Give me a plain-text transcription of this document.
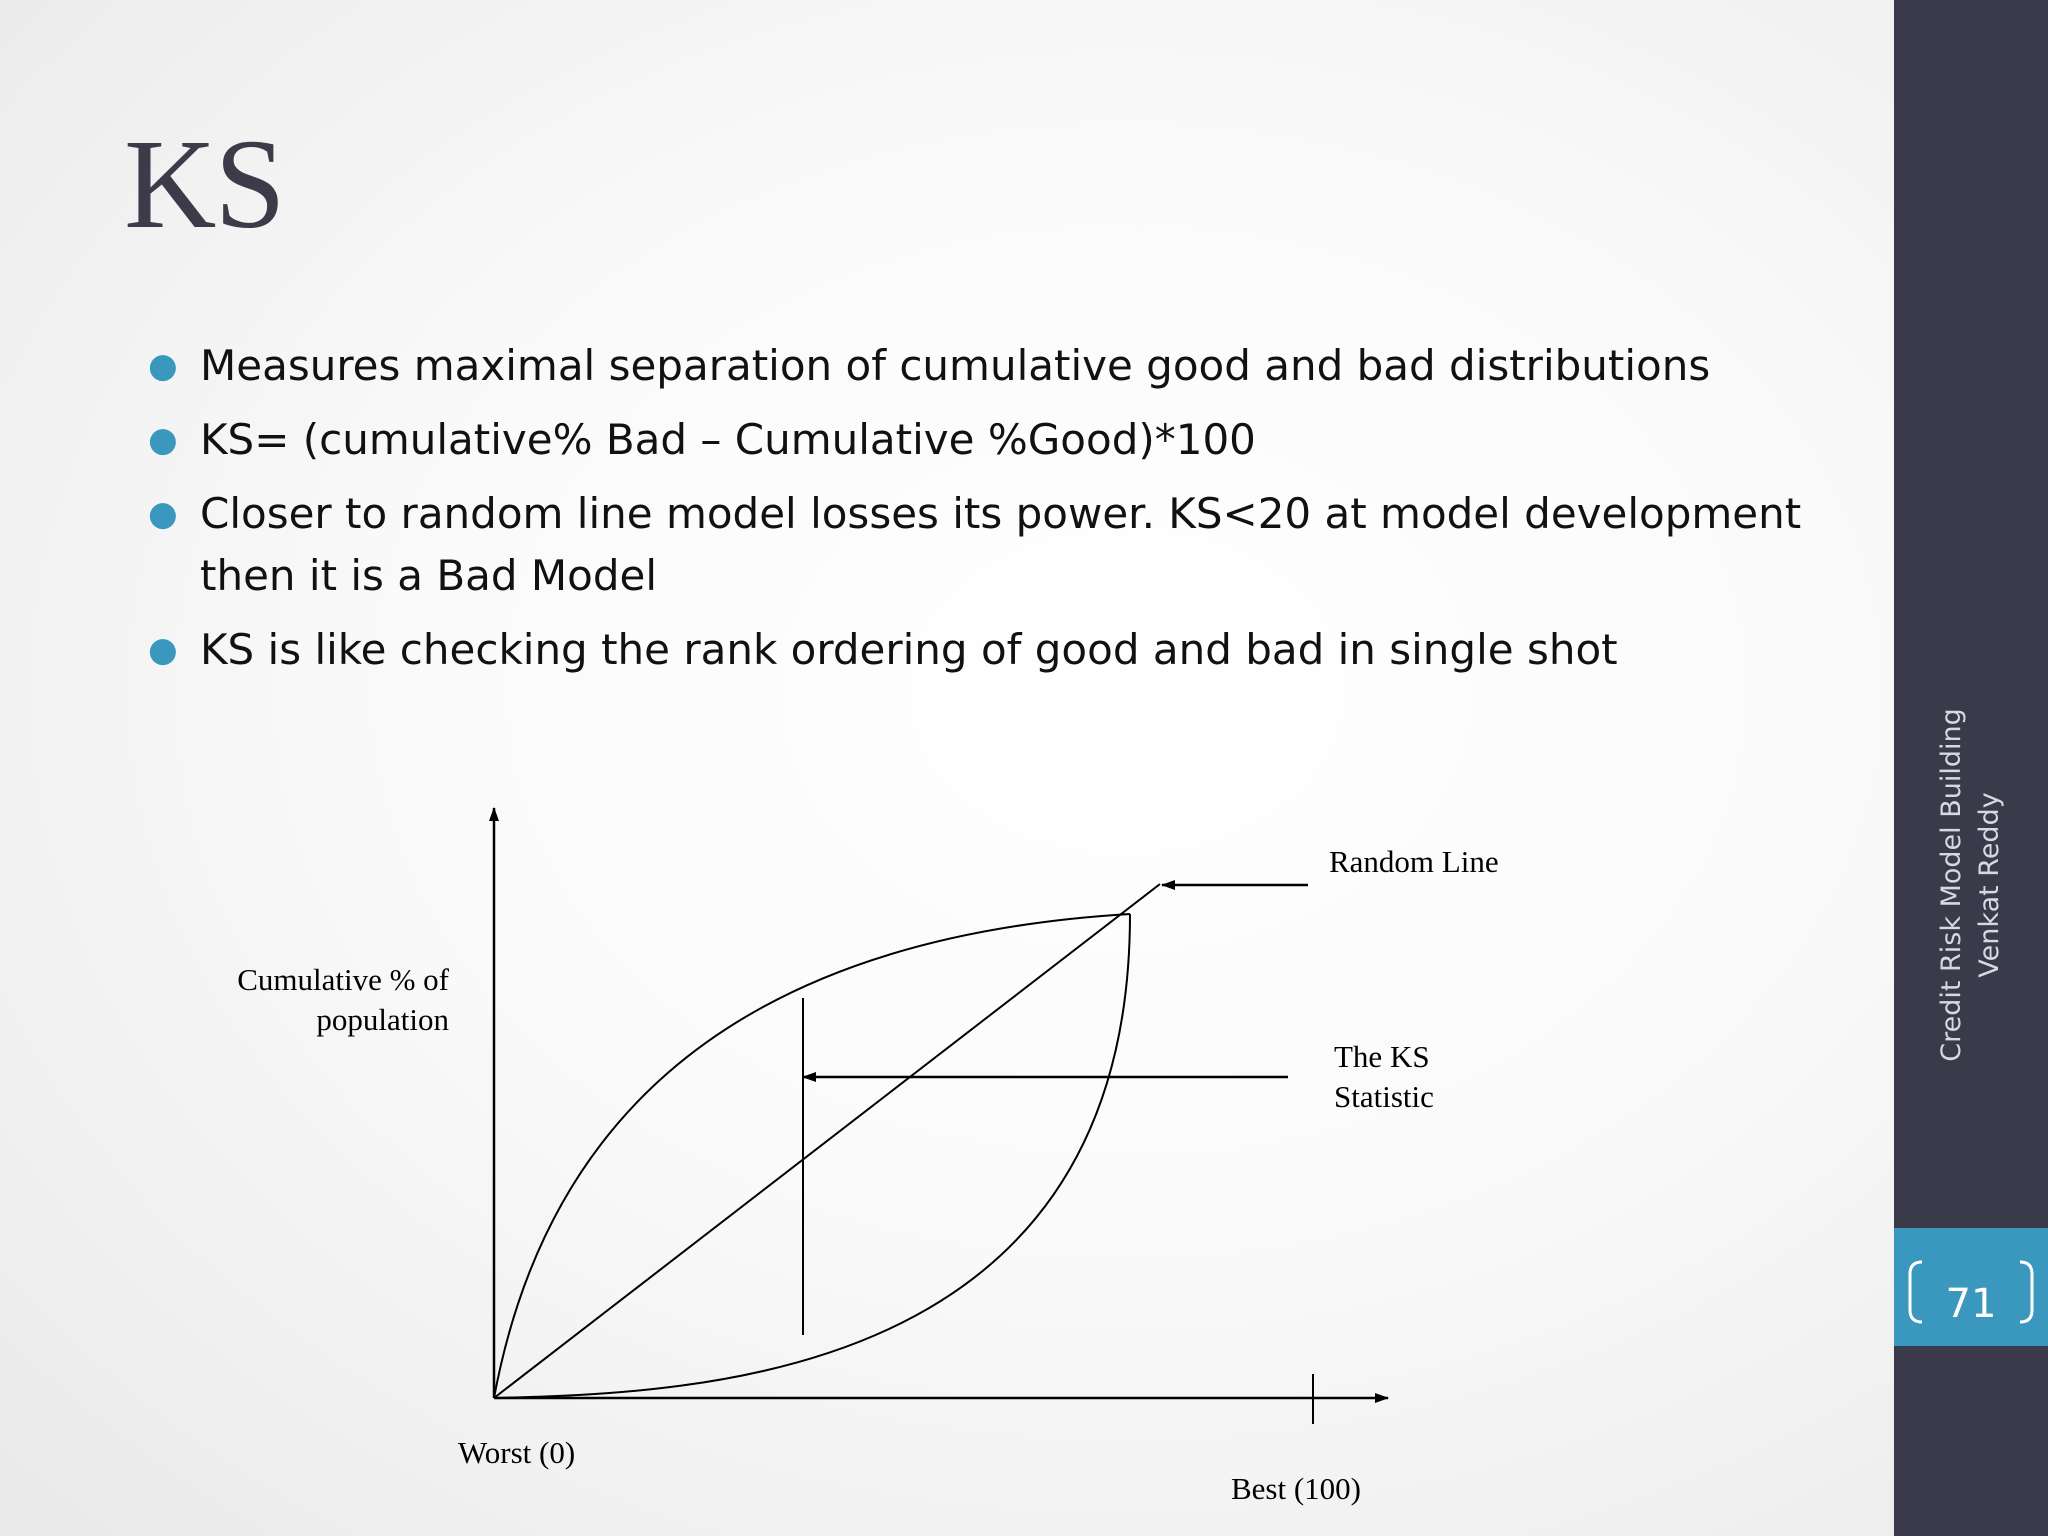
KS
● Measures maximal separation of cumulative good and bad distributions
● KS= (cumulative% Bad – Cumulative %Good)*100
● Closer to random line model losses its power. KS<20 at model development then it is a Bad Model
● KS is like checking the rank ordering of good and bad in single shot
Cumulative % of
population
Worst (0)
Best (100)
Random Line
The KS
Statistic
Credit Risk Model Building Venkat Reddy
71
